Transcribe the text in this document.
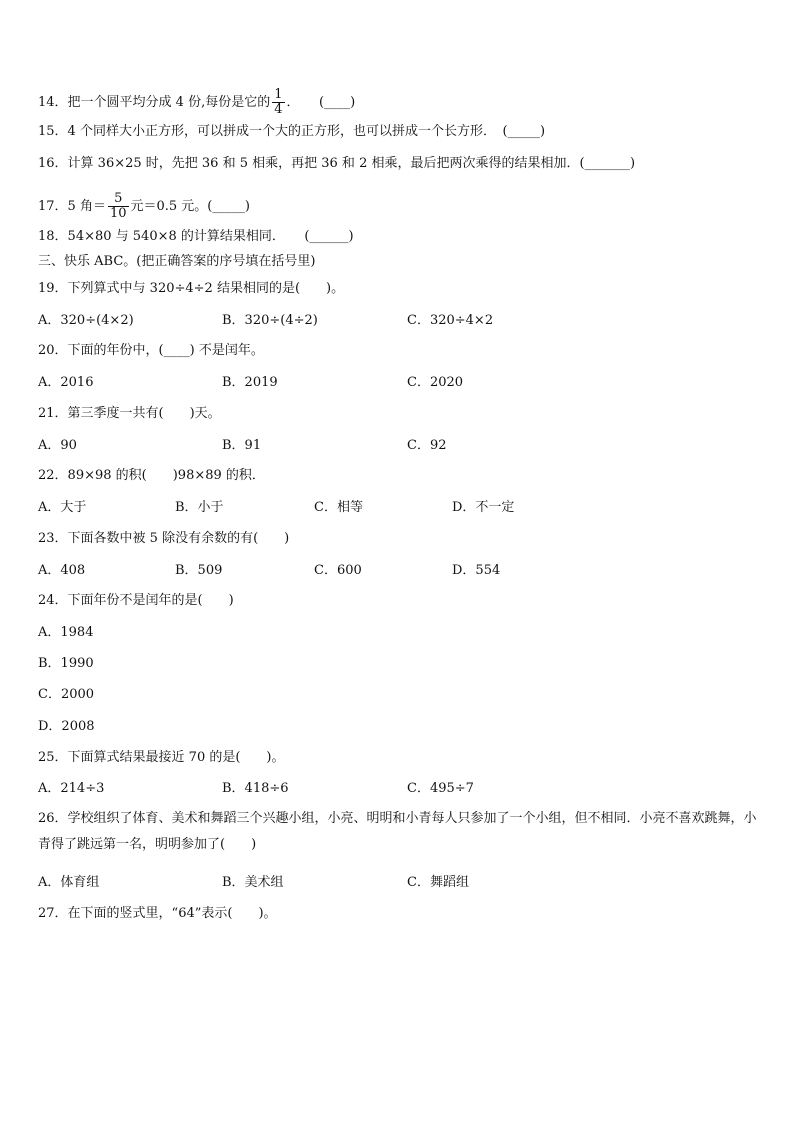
14．把一个圆平均分成 4 份,每份是它的 $\frac{1}{4}$ ．　　(____)
15．4 个同样大小正方形，可以拼成一个大的正方形，也可以拼成一个长方形．　(_____)
16．计算 36×25 时，先把 36 和 5 相乘，再把 36 和 2 相乘，最后把两次乘得的结果相加．(_______)
17．5 角＝ $\frac{5}{10}$ 元＝0.5 元。(_____)
18．54×80 与 540×8 的计算结果相同．　　(______)
三、快乐 ABC。(把正确答案的序号填在括号里)
19．下列算式中与 320÷4÷2 结果相同的是(　　)。
A．320÷(4×2)	B．320÷(4÷2)	C．320÷4×2
20．下面的年份中，(____) 不是闰年。
A．2016	B．2019	C．2020
21．第三季度一共有(　　)天。
A．90	B．91	C．92
22．89×98 的积(　　)98×89 的积．
A．大于	B．小于	C．相等	D．不一定
23．下面各数中被 5 除没有余数的有(　　)
A．408	B．509	C．600	D．554
24．下面年份不是闰年的是(　　)
A．1984
B．1990
C．2000
D．2008
25．下面算式结果最接近 70 的是(　　)。
A．214÷3	B．418÷6	C．495÷7
26．学校组织了体育、美术和舞蹈三个兴趣小组，小亮、明明和小青每人只参加了一个小组，但不相同．小亮不喜欢跳舞，小青得了跳远第一名，明明参加了(　　)
A．体育组	B．美术组	C．舞蹈组
27．在下面的竖式里，“64”表示(　　)。
